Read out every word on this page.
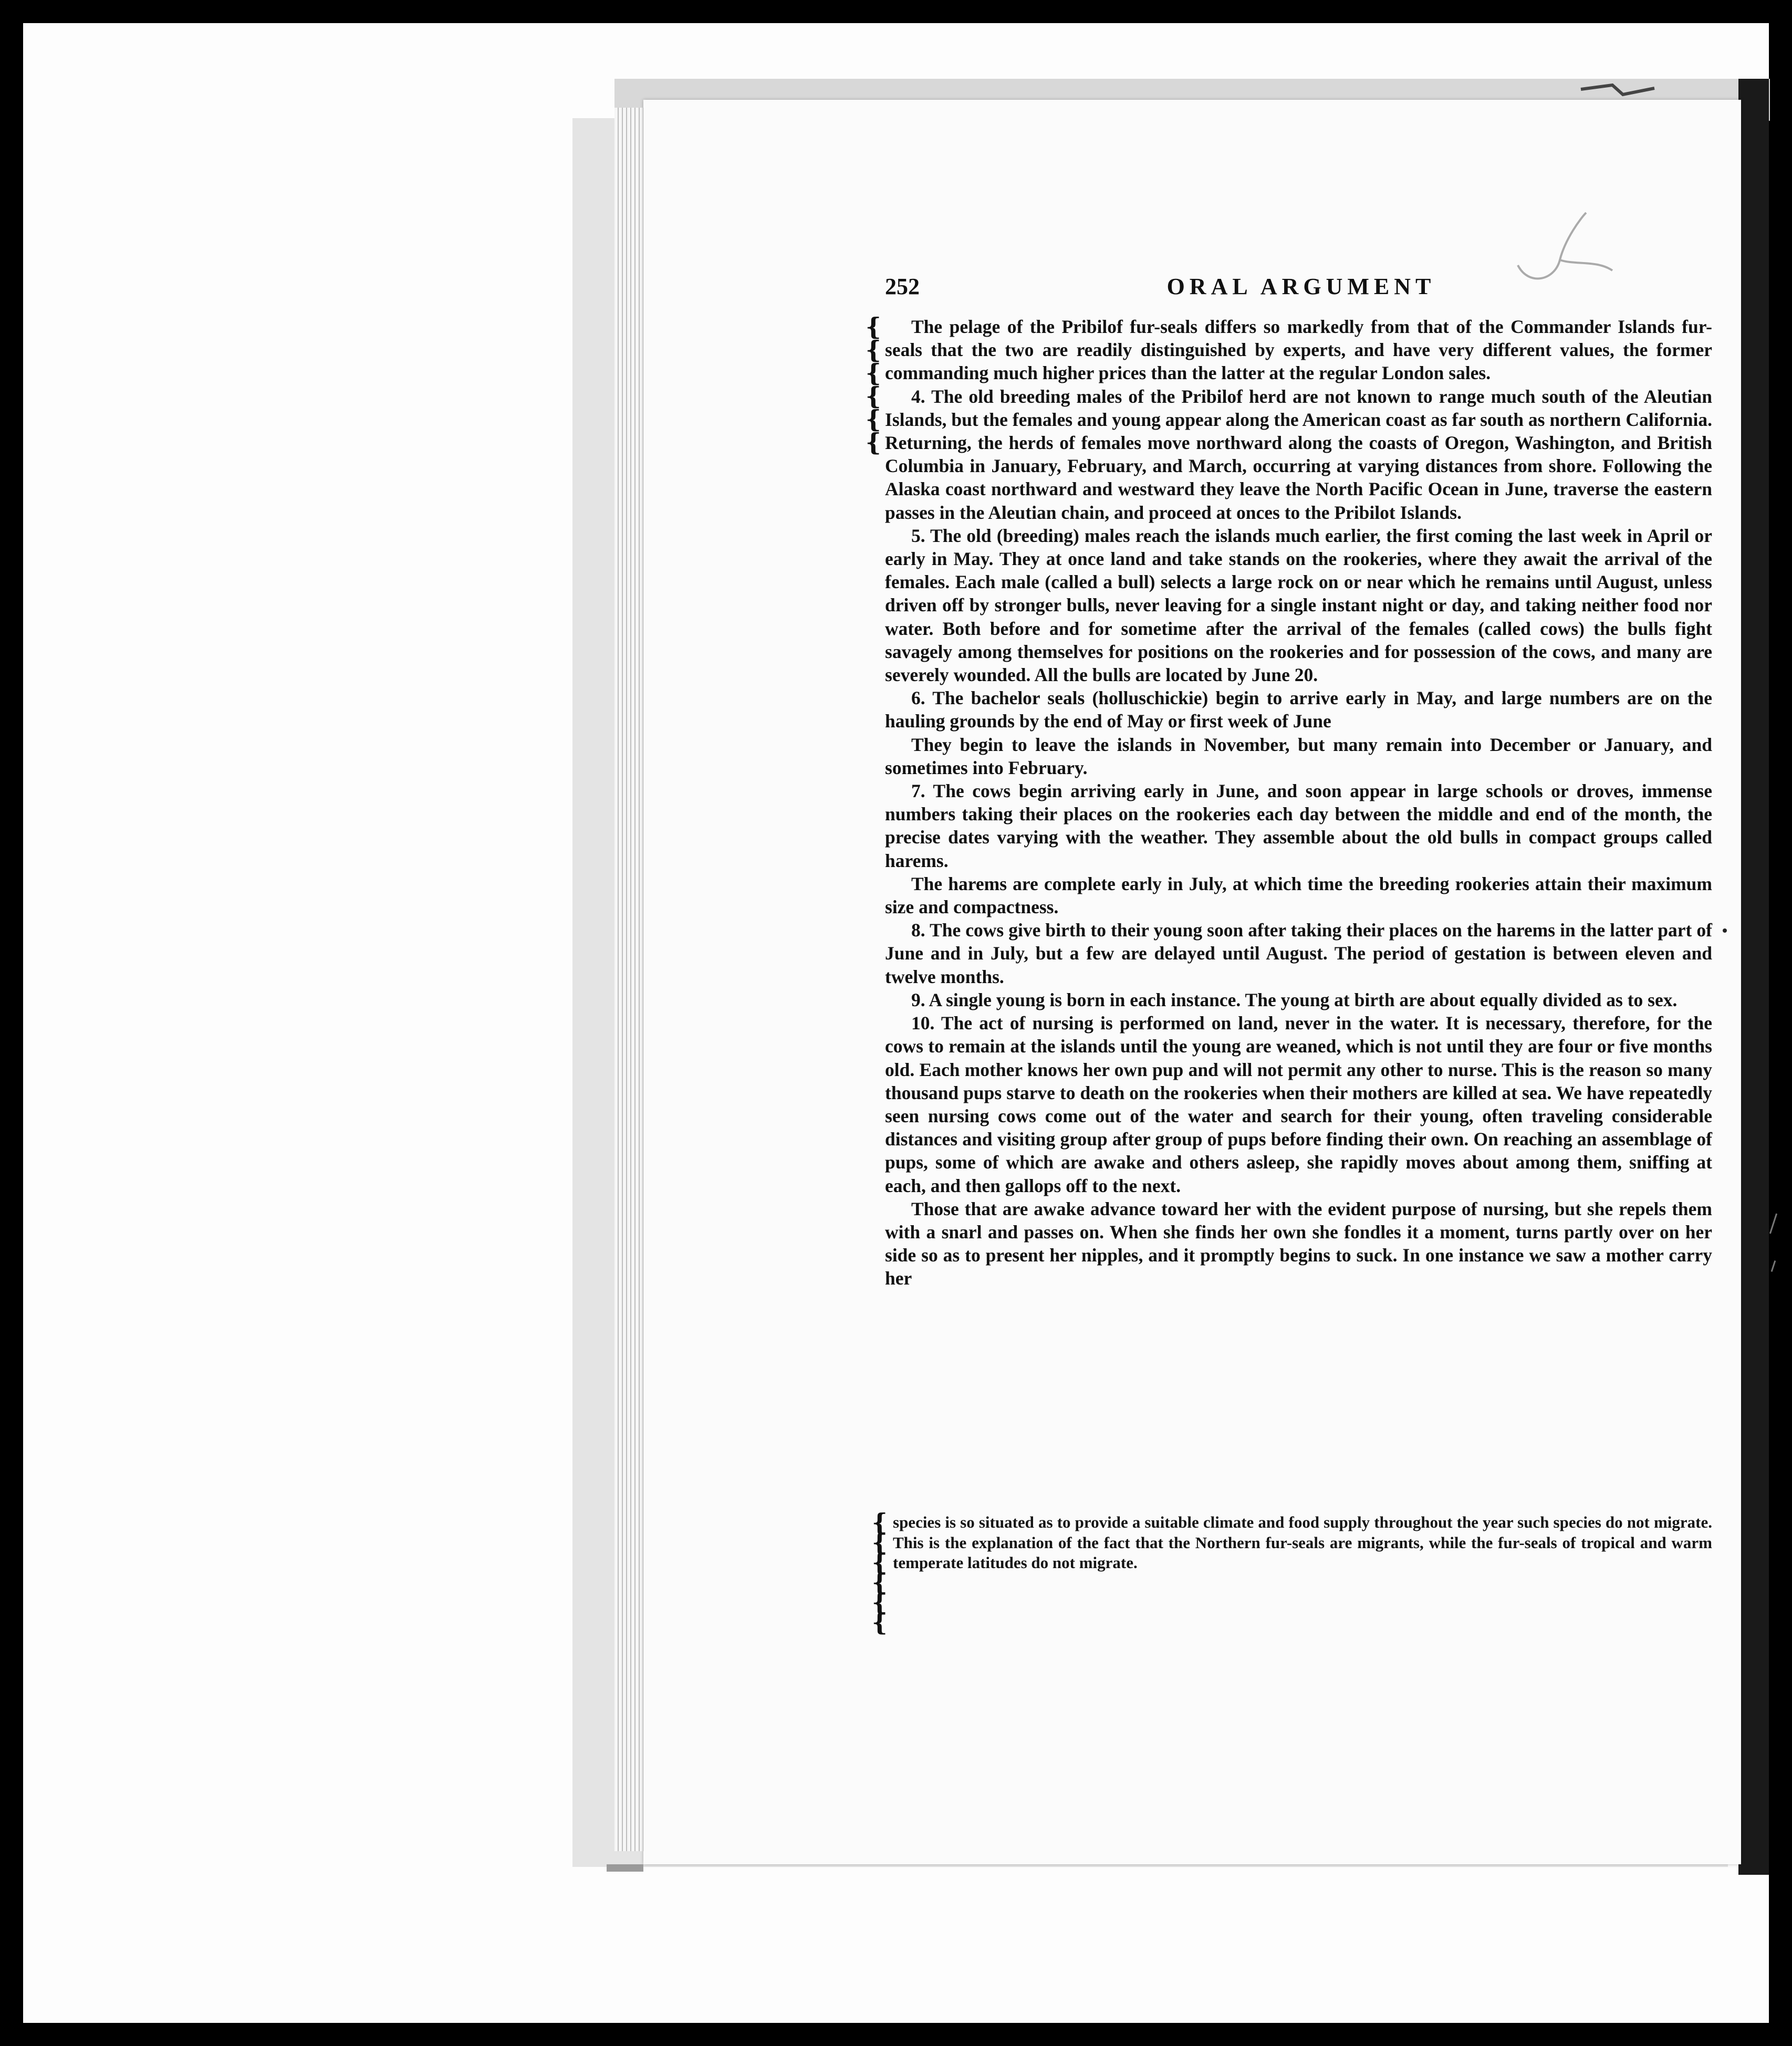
252	ORAL ARGUMENT
{
{
{
{
{
{

The pelage of the Pribilof fur-seals differs so markedly from that of the Commander Islands fur-seals that the two are readily distinguished by experts, and have very different values, the former commanding much higher prices than the latter at the regular London sales.

4. The old breeding males of the Pribilof herd are not known to range much south of the Aleutian Islands, but the females and young appear along the American coast as far south as northern California. Returning, the herds of females move northward along the coasts of Oregon, Washington, and British Columbia in January, February, and March, occurring at varying distances from shore. Following the Alaska coast northward and westward they leave the North Pacific Ocean in June, traverse the eastern passes in the Aleutian chain, and proceed at onces to the Pribilot Islands.

5. The old (breeding) males reach the islands much earlier, the first coming the last week in April or early in May. They at once land and take stands on the rookeries, where they await the arrival of the females. Each male (called a bull) selects a large rock on or near which he remains until August, unless driven off by stronger bulls, never leaving for a single instant night or day, and taking neither food nor water. Both before and for sometime after the arrival of the females (called cows) the bulls fight savagely among themselves for positions on the rookeries and for possession of the cows, and many are severely wounded. All the bulls are located by June 20.

6. The bachelor seals (holluschickie) begin to arrive early in May, and large numbers are on the hauling grounds by the end of May or first week of June

They begin to leave the islands in November, but many remain into December or January, and sometimes into February.

7. The cows begin arriving early in June, and soon appear in large schools or droves, immense numbers taking their places on the rookeries each day between the middle and end of the month, the precise dates varying with the weather. They assemble about the old bulls in compact groups called harems.

The harems are complete early in July, at which time the breeding rookeries attain their maximum size and compactness.

8. The cows give birth to their young soon after taking their places on the harems in the latter part of June and in July, but a few are delayed until August. The period of gestation is between eleven and twelve months.

9. A single young is born in each instance. The young at birth are about equally divided as to sex.

10. The act of nursing is performed on land, never in the water. It is necessary, therefore, for the cows to remain at the islands until the young are weaned, which is not until they are four or five months old. Each mother knows her own pup and will not permit any other to nurse. This is the reason so many thousand pups starve to death on the rookeries when their mothers are killed at sea. We have repeatedly seen nursing cows come out of the water and search for their young, often traveling considerable distances and visiting group after group of pups before finding their own. On reaching an assemblage of pups, some of which are awake and others asleep, she rapidly moves about among them, sniffing at each, and then gallops off to the next.

Those that are awake advance toward her with the evident purpose of nursing, but she repels them with a snarl and passes on. When she finds her own she fondles it a moment, turns partly over on her side so as to present her nipples, and it promptly begins to suck. In one instance we saw a mother carry her

{
{
{
{
{
{

species is so situated as to provide a suitable climate and food supply throughout the year such species do not migrate. This is the explanation of the fact that the Northern fur-seals are migrants, while the fur-seals of tropical and warm temperate latitudes do not migrate.
